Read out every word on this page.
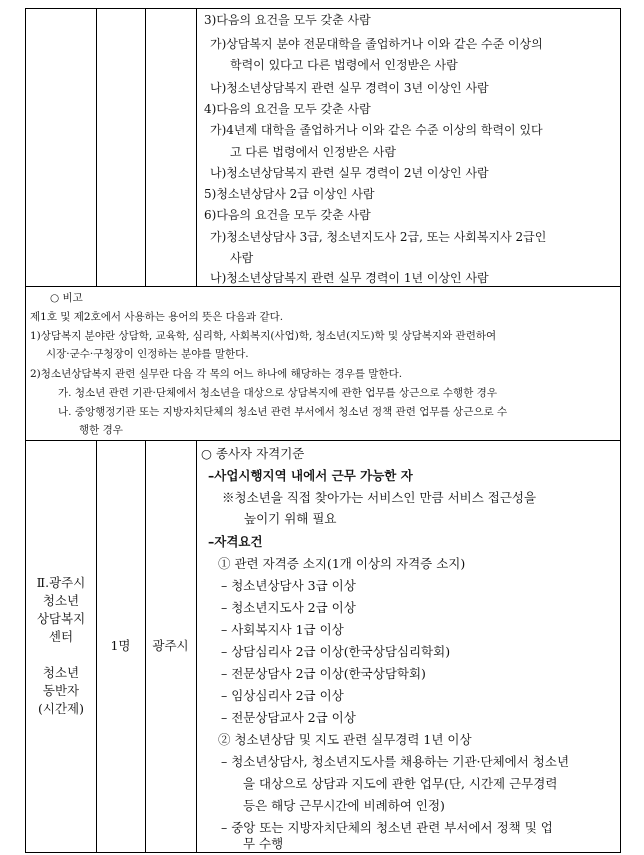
3)다음의 요건을 모두 갖춘 사람
가)상담복지 분야 전문대학을 졸업하거나 이와 같은 수준 이상의
학력이 있다고 다른 법령에서 인정받은 사람
나)청소년상담복지 관련 실무 경력이 3년 이상인 사람
4)다음의 요건을 모두 갖춘 사람
가)4년제 대학을 졸업하거나 이와 같은 수준 이상의 학력이 있다
고 다른 법령에서 인정받은 사람
나)청소년상담복지 관련 실무 경력이 2년 이상인 사람
5)청소년상담사 2급 이상인 사람
6)다음의 요건을 모두 갖춘 사람
가)청소년상담사 3급, 청소년지도사 2급, 또는 사회복지사 2급인
사람
나)청소년상담복지 관련 실무 경력이 1년 이상인 사람
○ 비고
제1호 및 제2호에서 사용하는 용어의 뜻은 다음과 같다.
1)상담복지 분야란 상담학, 교육학, 심리학, 사회복지(사업)학, 청소년(지도)학 및 상담복지와 관련하여
시장·군수·구청장이 인정하는 분야를 말한다.
2)청소년상담복지 관련 실무란 다음 각 목의 어느 하나에 해당하는 경우를 말한다.
가. 청소년 관련 기관·단체에서 청소년을 대상으로 상담복지에 관한 업무를 상근으로 수행한 경우
나. 중앙행정기관 또는 지방자치단체의 청소년 관련 부서에서 청소년 정책 관련 업무를 상근으로 수
행한 경우
Ⅱ.광주시
청소년
상담복지
센터
청소년
동반자
(시간제)
1명 광주시
○ 종사자 자격기준
–사업시행지역 내에서 근무 가능한 자
※청소년을 직접 찾아가는 서비스인 만큼 서비스 접근성을
높이기 위해 필요
–자격요건
① 관련 자격증 소지(1개 이상의 자격증 소지)
– 청소년상담사 3급 이상
– 청소년지도사 2급 이상
– 사회복지사 1급 이상
– 상담심리사 2급 이상(한국상담심리학회)
– 전문상담사 2급 이상(한국상담학회)
– 임상심리사 2급 이상
– 전문상담교사 2급 이상
② 청소년상담 및 지도 관련 실무경력 1년 이상
– 청소년상담사, 청소년지도사를 채용하는 기관·단체에서 청소년
을 대상으로 상담과 지도에 관한 업무(단, 시간제 근무경력
등은 해당 근무시간에 비례하여 인정)
– 중앙 또는 지방자치단체의 청소년 관련 부서에서 정책 및 업
무 수행
